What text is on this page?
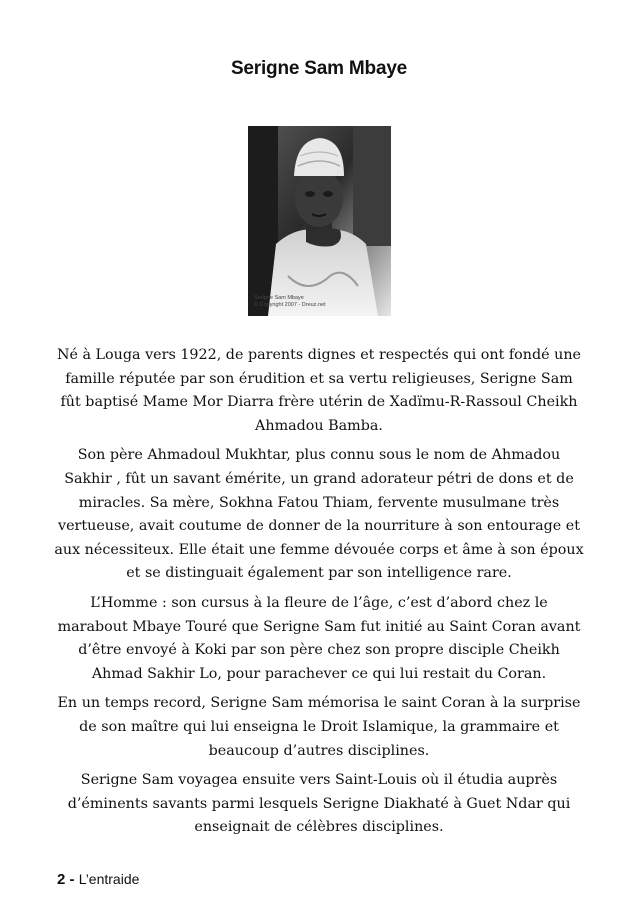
Serigne Sam Mbaye
Serigne Sam Mbaye
© Copyright 2007 - Dreuz.net

Né à Louga vers 1922, de parents dignes et respectés qui ont fondé une famille réputée par son érudition et sa vertu religieuses, Serigne Sam fût baptisé Mame Mor Diarra frère utérin de Xadïmu-R-Rassoul Cheikh Ahmadou Bamba.

Son père Ahmadoul Mukhtar, plus connu sous le nom de Ahmadou Sakhir , fût un savant émérite, un grand adorateur pétri de dons et de miracles. Sa mère, Sokhna Fatou Thiam, fervente musulmane très vertueuse, avait coutume de donner de la nourriture à son entourage et aux nécessiteux. Elle était une femme dévouée corps et âme à son époux et se distinguait également par son intelligence rare.

L’Homme : son cursus à la fleure de l’âge, c’est d’abord chez le marabout Mbaye Touré que Serigne Sam fut initié au Saint Coran avant d’être envoyé à Koki par son père chez son propre disciple Cheikh Ahmad Sakhir Lo, pour parachever ce qui lui restait du Coran.

En un temps record, Serigne Sam mémorisa le saint Coran à la surprise de son maître qui lui enseigna le Droit Islamique, la grammaire et beaucoup d’autres disciplines.

Serigne Sam voyagea ensuite vers Saint-Louis où il étudia auprès d’éminents savants parmi lesquels Serigne Diakhaté à Guet Ndar qui enseignait de célèbres disciplines.

2 - L’entraide
